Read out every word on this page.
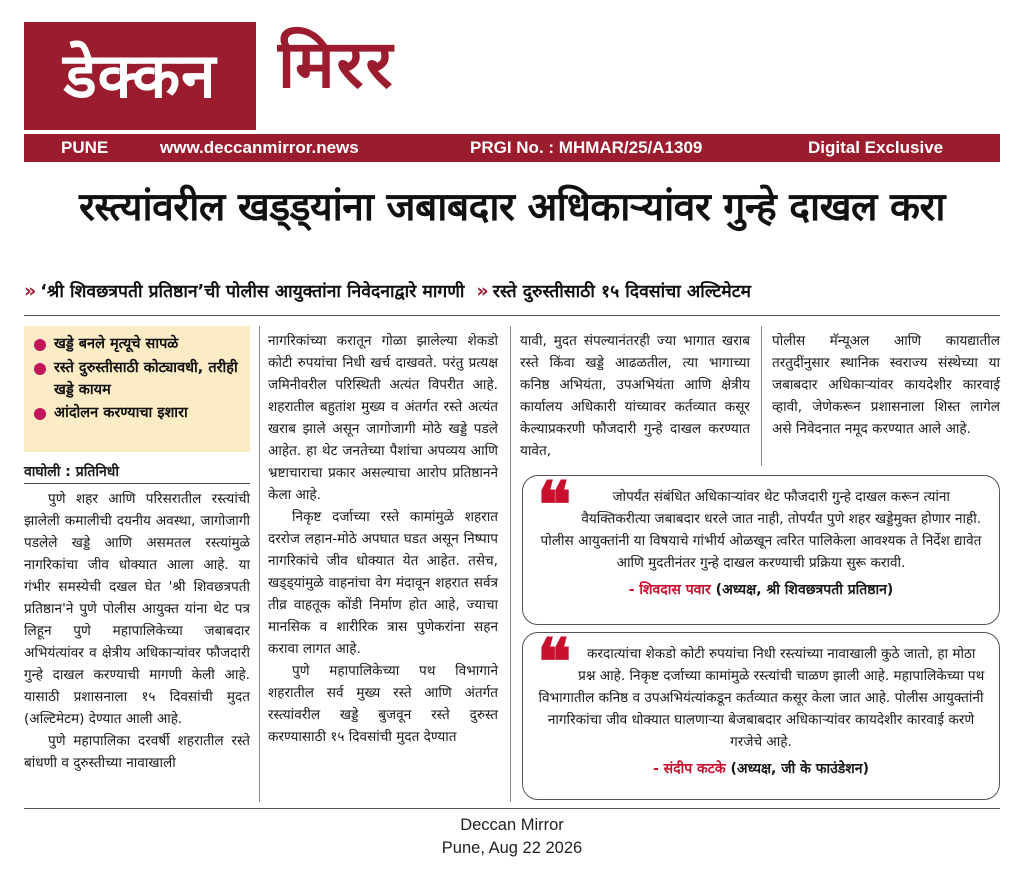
डेक्कन मिरर
PUNE	www.deccanmirror.news	PRGI No. : MHMAR/25/A1309	Digital Exclusive
रस्त्यांवरील खड्ड्यांना जबाबदार अधिकाऱ्यांवर गुन्हे दाखल करा
» ‘श्री शिवछत्रपती प्रतिष्ठान’ची पोलीस आयुक्तांना निवेदनाद्वारे मागणी » रस्ते दुरुस्तीसाठी १५ दिवसांचा अल्टिमेटम
खड्डे बनले मृत्यूचे सापळे
रस्ते दुरुस्तीसाठी कोट्यावधी, तरीही खड्डे कायम
आंदोलन करण्याचा इशारा
वाघोली : प्रतिनिधी

पुणे शहर आणि परिसरातील रस्त्यांची झालेली कमालीची दयनीय अवस्था, जागोजागी पडलेले खड्डे आणि असमतल रस्त्यांमुळे नागरिकांचा जीव धोक्यात आला आहे. या गंभीर समस्येची दखल घेत 'श्री शिवछत्रपती प्रतिष्ठान'ने पुणे पोलीस आयुक्त यांना थेट पत्र लिहून पुणे महापालिकेच्या जबाबदार अभियंत्यांवर व क्षेत्रीय अधिकाऱ्यांवर फौजदारी गुन्हे दाखल करण्याची मागणी केली आहे. यासाठी प्रशासनाला १५ दिवसांची मुदत (अल्टिमेटम) देण्यात आली आहे.

पुणे महापालिका दरवर्षी शहरातील रस्ते बांधणी व दुरुस्तीच्या नावाखाली

नागरिकांच्या करातून गोळा झालेल्या शेकडो कोटी रुपयांचा निधी खर्च दाखवते. परंतु प्रत्यक्ष जमिनीवरील परिस्थिती अत्यंत विपरीत आहे. शहरातील बहुतांश मुख्य व अंतर्गत रस्ते अत्यंत खराब झाले असून जागोजागी मोठे खड्डे पडले आहेत. हा थेट जनतेच्या पैशांचा अपव्यय आणि भ्रष्टाचाराचा प्रकार असल्याचा आरोप प्रतिष्ठानने केला आहे.

निकृष्ट दर्जाच्या रस्ते कामांमुळे शहरात दररोज लहान-मोठे अपघात घडत असून निष्पाप नागरिकांचे जीव धोक्यात येत आहेत. तसेच, खड्ड्यांमुळे वाहनांचा वेग मंदावून शहरात सर्वत्र तीव्र वाहतूक कोंडी निर्माण होत आहे, ज्याचा मानसिक व शारीरिक त्रास पुणेकरांना सहन करावा लागत आहे.

पुणे महापालिकेच्या पथ विभागाने शहरातील सर्व मुख्य रस्ते आणि अंतर्गत रस्त्यांवरील खड्डे बुजवून रस्ते दुरुस्त करण्यासाठी १५ दिवसांची मुदत देण्यात

यावी, मुदत संपल्यानंतरही ज्या भागात खराब रस्ते किंवा खड्डे आढळतील, त्या भागाच्या कनिष्ठ अभियंता, उपअभियंता आणि क्षेत्रीय कार्यालय अधिकारी यांच्यावर कर्तव्यात कसूर केल्याप्रकरणी फौजदारी गुन्हे दाखल करण्यात यावेत,

पोलीस मॅन्यूअल आणि कायद्यातील तरतुदींनुसार स्थानिक स्वराज्य संस्थेच्या या जबाबदार अधिकाऱ्यांवर कायदेशीर कारवाई व्हावी, जेणेकरून प्रशासनाला शिस्त लागेल असे निवेदनात नमूद करण्यात आले आहे.

❝	जोपर्यंत संबंधित अधिकाऱ्यांवर थेट फौजदारी गुन्हे दाखल करून त्यांना वैयक्तिकरीत्या जबाबदार धरले जात नाही, तोपर्यंत पुणे शहर खड्डेमुक्त होणार नाही. पोलीस आयुक्तांनी या विषयाचे गांभीर्य ओळखून त्वरित पालिकेला आवश्यक ते निर्देश द्यावेत आणि मुदतीनंतर गुन्हे दाखल करण्याची प्रक्रिया सुरू करावी.
- शिवदास पवार (अध्यक्ष, श्री शिवछत्रपती प्रतिष्ठान)
❝	करदात्यांचा शेकडो कोटी रुपयांचा निधी रस्त्यांच्या नावाखाली कुठे जातो, हा मोठा प्रश्न आहे. निकृष्ट दर्जाच्या कामांमुळे रस्त्यांची चाळण झाली आहे. महापालिकेच्या पथ विभागातील कनिष्ठ व उपअभियंत्यांकडून कर्तव्यात कसूर केला जात आहे. पोलीस आयुक्तांनी नागरिकांचा जीव धोक्यात घालणाऱ्या बेजबाबदार अधिकाऱ्यांवर कायदेशीर कारवाई करणे गरजेचे आहे.
- संदीप कटके (अध्यक्ष, जी के फाउंडेशन)
Deccan Mirror
Pune, Aug 22 2026
